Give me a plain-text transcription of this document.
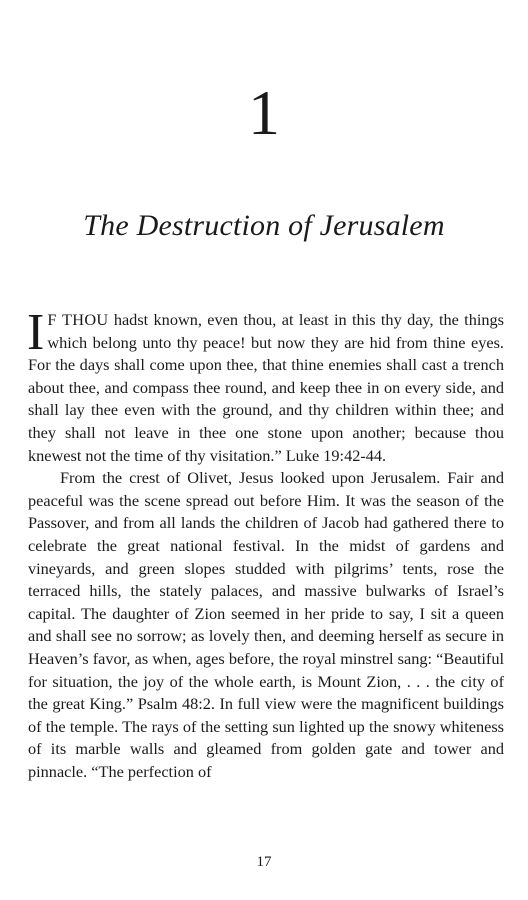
1
The Destruction of Jerusalem

I F THOU hadst known, even thou, at least in this thy day, the things which belong unto thy peace! but now they are hid from thine eyes. For the days shall come upon thee, that thine enemies shall cast a trench about thee, and compass thee round, and keep thee in on every side, and shall lay thee even with the ground, and thy children within thee; and they shall not leave in thee one stone upon another; because thou knewest not the time of thy visitation.” Luke 19:42-44.

From the crest of Olivet, Jesus looked upon Jerusalem. Fair and peaceful was the scene spread out before Him. It was the season of the Passover, and from all lands the children of Jacob had gathered there to celebrate the great national festival. In the midst of gardens and vineyards, and green slopes studded with pilgrims’ tents, rose the terraced hills, the stately palaces, and massive bulwarks of Israel’s capital. The daughter of Zion seemed in her pride to say, I sit a queen and shall see no sorrow; as lovely then, and deeming herself as secure in Heaven’s favor, as when, ages before, the royal minstrel sang: “Beautiful for situation, the joy of the whole earth, is Mount Zion, . . . the city of the great King.” Psalm 48:2. In full view were the magnificent buildings of the temple. The rays of the setting sun lighted up the snowy whiteness of its marble walls and gleamed from golden gate and tower and pinnacle. “The perfection of

17
